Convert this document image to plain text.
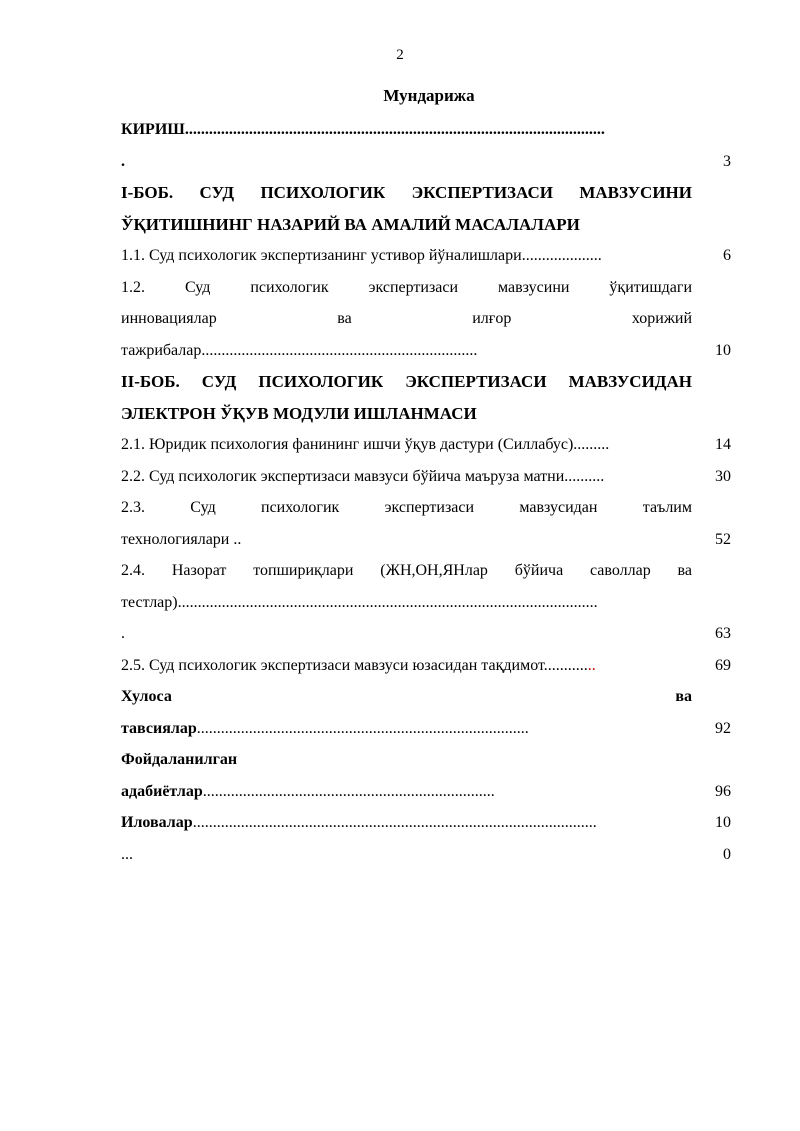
2
Мундарижа
КИРИШ.........................................................................................................
.	3
I-БОБ. СУД ПСИХОЛОГИК ЭКСПЕРТИЗАСИ МАВЗУСИНИ
ЎҚИТИШНИНГ НАЗАРИЙ ВА АМАЛИЙ МАСАЛАЛАРИ
1.1. Суд психологик экспертизанинг устивор йўналишлари....................	6
1.2. Суд психологик экспертизаси мавзусини ўқитишдаги
инновациялар ва илғор хорижий
тажрибалар.....................................................................	10
II-БОБ. СУД ПСИХОЛОГИК ЭКСПЕРТИЗАСИ МАВЗУСИДАН
ЭЛЕКТРОН ЎҚУВ МОДУЛИ ИШЛАНМАСИ
2.1. Юридик психология фанининг ишчи ўқув дастури (Силлабус).........	14
2.2. Суд психологик экспертизаси мавзуси бўйича маъруза матни..........	30
2.3. Суд психологик экспертизаси мавзусидан таълим
технологиялари ..	52
2.4. Назорат топшириқлари (ЖН,ОН,ЯНлар бўйича саволлар ва
тестлар).........................................................................................................
.	63
2.5. Суд психологик экспертизаси мавзуси юзасидан тақдимот.............	69
Хулоса	ва
тавсиялар...................................................................................	92
Фойдаланилган
адабиётлар.........................................................................	96
Иловалар.....................................................................................................	10
...	0
